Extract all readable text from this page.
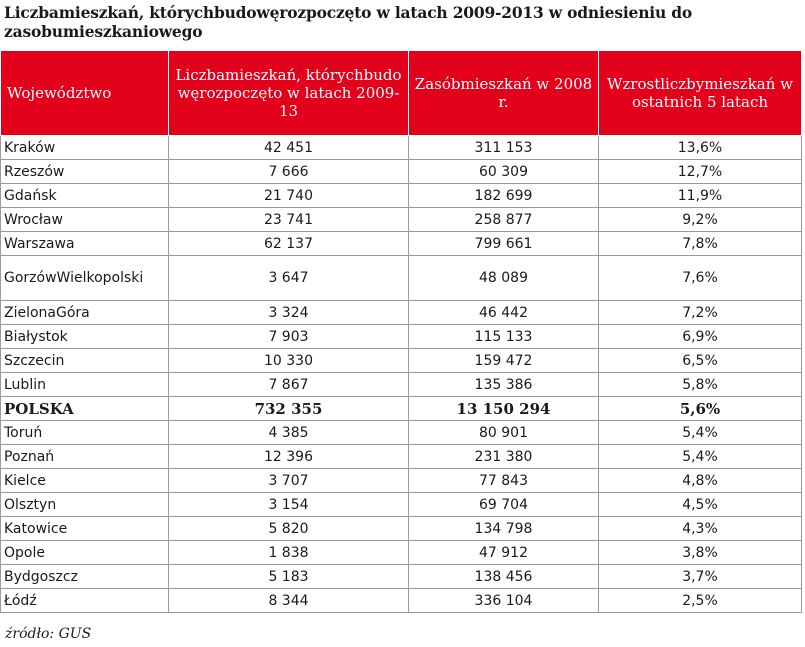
Liczbamieszkań, którychbudowęrozpoczęto w latach 2009-2013 w odniesieniu do zasobumieszkaniowego
Województwo	Liczbamieszkań, którychbudowęrozpoczęto w latach 2009-13	Zasóbmieszkań w 2008 r.	Wzrostliczbymieszkań w ostatnich 5 latach
Kraków	42 451	311 153	13,6%
Rzeszów	7 666	60 309	12,7%
Gdańsk	21 740	182 699	11,9%
Wrocław	23 741	258 877	9,2%
Warszawa	62 137	799 661	7,8%
GorzówWielkopolski	3 647	48 089	7,6%
ZielonaGóra	3 324	46 442	7,2%
Białystok	7 903	115 133	6,9%
Szczecin	10 330	159 472	6,5%
Lublin	7 867	135 386	5,8%
POLSKA	732 355	13 150 294	5,6%
Toruń	4 385	80 901	5,4%
Poznań	12 396	231 380	5,4%
Kielce	3 707	77 843	4,8%
Olsztyn	3 154	69 704	4,5%
Katowice	5 820	134 798	4,3%
Opole	1 838	47 912	3,8%
Bydgoszcz	5 183	138 456	3,7%
Łódź	8 344	336 104	2,5%
źródło: GUS
